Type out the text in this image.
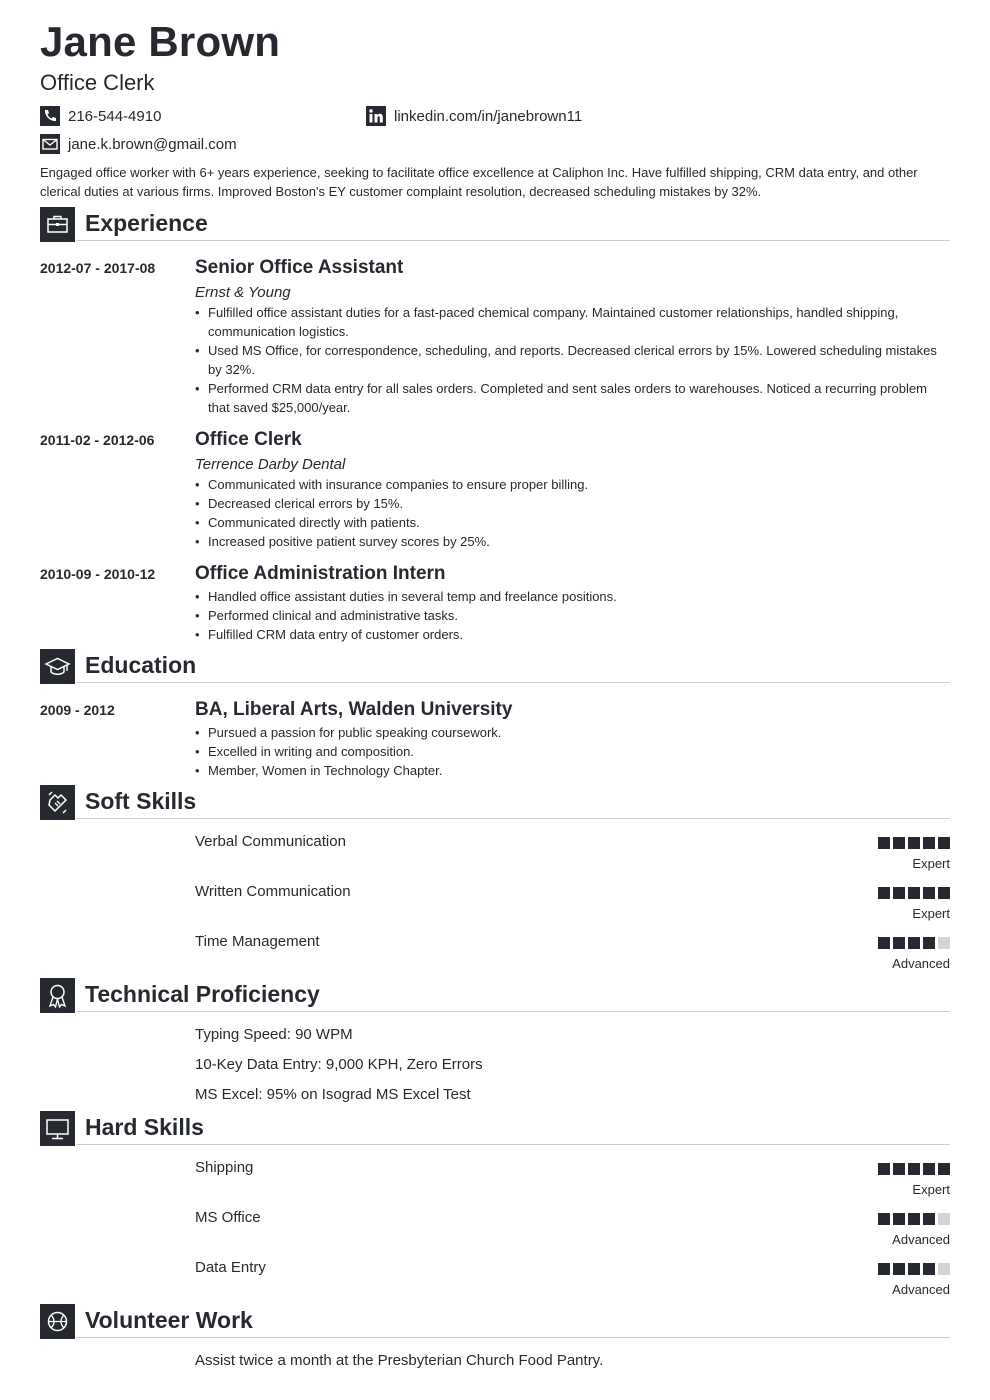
Jane Brown
Office Clerk
216-544-4910	linkedin.com/in/janebrown11
jane.k.brown@gmail.com
Engaged office worker with 6+ years experience, seeking to facilitate office excellence at Caliphon Inc. Have fulfilled shipping, CRM data entry, and other clerical duties at various firms. Improved Boston's EY customer complaint resolution, decreased scheduling mistakes by 32%.
Experience
2012-07 - 2017-08 Senior Office Assistant
Ernst & Young
• Fulfilled office assistant duties for a fast-paced chemical company. Maintained customer relationships, handled shipping, communication logistics.
• Used MS Office, for correspondence, scheduling, and reports. Decreased clerical errors by 15%. Lowered scheduling mistakes by 32%.
• Performed CRM data entry for all sales orders. Completed and sent sales orders to warehouses. Noticed a recurring problem that saved $25,000/year.
2011-02 - 2012-06 Office Clerk
Terrence Darby Dental
• Communicated with insurance companies to ensure proper billing.
• Decreased clerical errors by 15%.
• Communicated directly with patients.
• Increased positive patient survey scores by 25%.
2010-09 - 2010-12 Office Administration Intern
• Handled office assistant duties in several temp and freelance positions.
• Performed clinical and administrative tasks.
• Fulfilled CRM data entry of customer orders.
Education
2009 - 2012	BA, Liberal Arts, Walden University
• Pursued a passion for public speaking coursework.
• Excelled in writing and composition.
• Member, Women in Technology Chapter.
Soft Skills
Verbal Communication
Expert
Written Communication
Expert
Time Management
Advanced
Technical Proficiency
Typing Speed: 90 WPM
10-Key Data Entry: 9,000 KPH, Zero Errors
MS Excel: 95% on Isograd MS Excel Test
Hard Skills
Shipping
Expert
MS Office
Advanced
Data Entry
Advanced
Volunteer Work
Assist twice a month at the Presbyterian Church Food Pantry.
